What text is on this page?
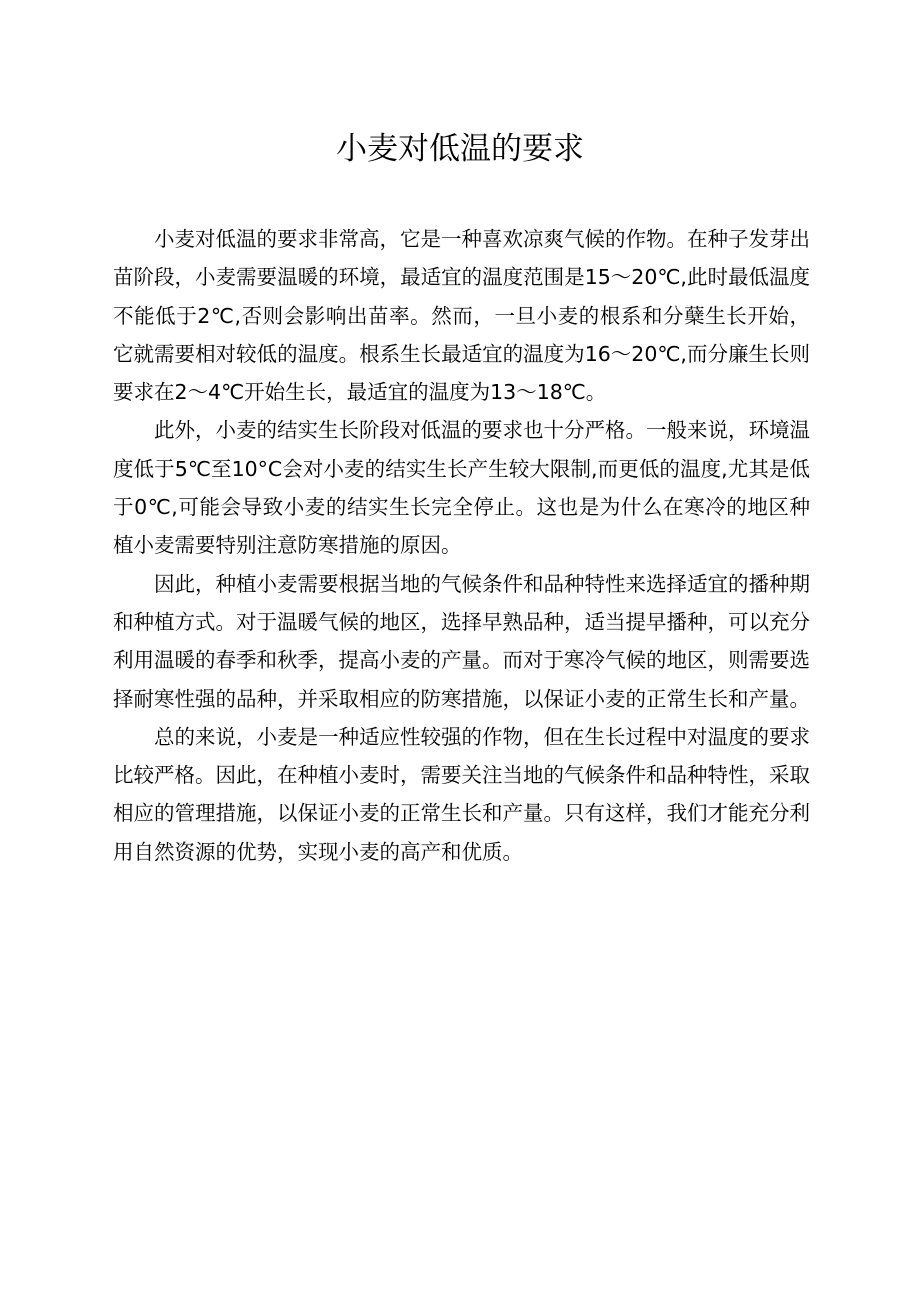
小麦对低温的要求

小麦对低温的要求非常高，它是一种喜欢凉爽气候的作物。在种子发芽出苗阶段，小麦需要温暖的环境，最适宜的温度范围是15～20℃,此时最低温度不能低于2℃,否则会影响出苗率。然而，一旦小麦的根系和分蘖生长开始，它就需要相对较低的温度。根系生长最适宜的温度为16～20℃,而分廉生长则要求在2～4℃开始生长，最适宜的温度为13～18℃。

此外，小麦的结实生长阶段对低温的要求也十分严格。一般来说，环境温度低于5℃至10°C会对小麦的结实生长产生较大限制,而更低的温度,尤其是低于0℃,可能会导致小麦的结实生长完全停止。这也是为什么在寒冷的地区种植小麦需要特别注意防寒措施的原因。

因此，种植小麦需要根据当地的气候条件和品种特性来选择适宜的播种期和种植方式。对于温暖气候的地区，选择早熟品种，适当提早播种，可以充分利用温暖的春季和秋季，提高小麦的产量。而对于寒冷气候的地区，则需要选择耐寒性强的品种，并采取相应的防寒措施，以保证小麦的正常生长和产量。

总的来说，小麦是一种适应性较强的作物，但在生长过程中对温度的要求比较严格。因此，在种植小麦时，需要关注当地的气候条件和品种特性，采取相应的管理措施，以保证小麦的正常生长和产量。只有这样，我们才能充分利用自然资源的优势，实现小麦的高产和优质。
